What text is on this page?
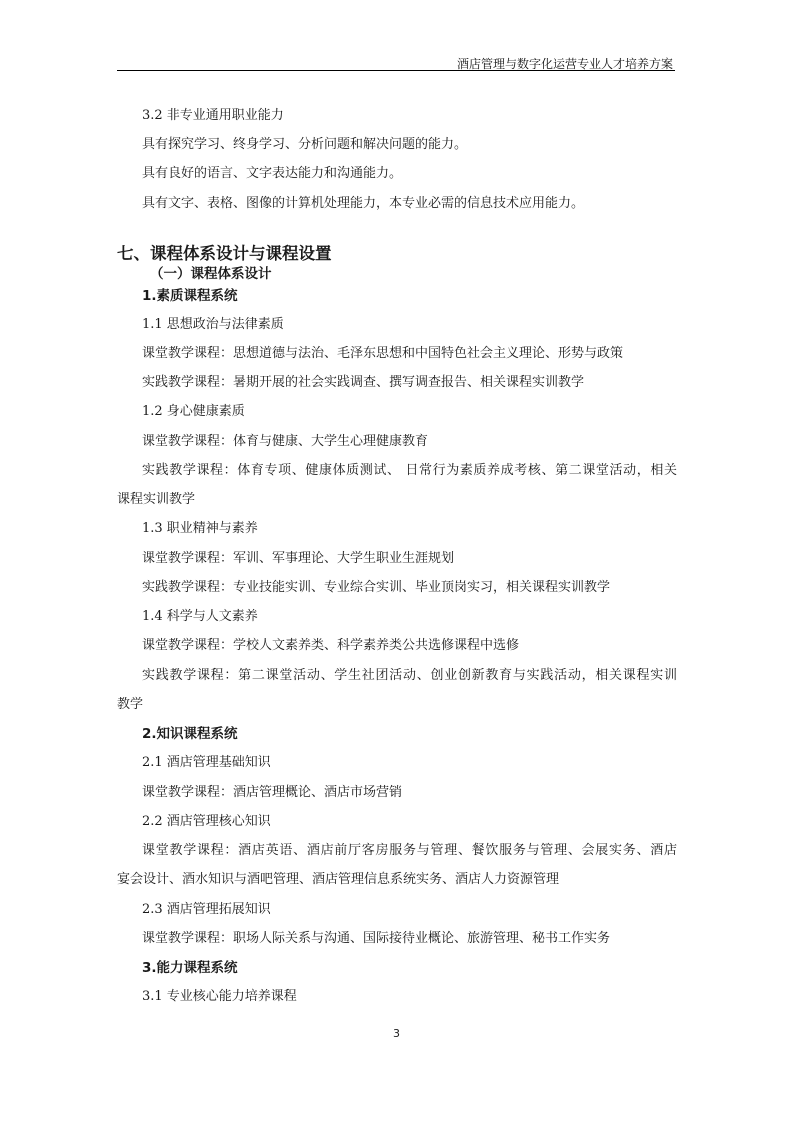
酒店管理与数字化运营专业人才培养方案
3.2 非专业通用职业能力
具有探究学习、终身学习、分析问题和解决问题的能力。
具有良好的语言、文字表达能力和沟通能力。
具有文字、表格、图像的计算机处理能力，本专业必需的信息技术应用能力。
七、课程体系设计与课程设置
（一）课程体系设计
1.素质课程系统
1.1 思想政治与法律素质
课堂教学课程：思想道德与法治、毛泽东思想和中国特色社会主义理论、形势与政策
实践教学课程：暑期开展的社会实践调查、撰写调查报告、相关课程实训教学
1.2 身心健康素质
课堂教学课程：体育与健康、大学生心理健康教育
实践教学课程：体育专项、健康体质测试、 日常行为素质养成考核、第二课堂活动，相关
课程实训教学
1.3 职业精神与素养
课堂教学课程：军训、军事理论、大学生职业生涯规划
实践教学课程：专业技能实训、专业综合实训、毕业顶岗实习，相关课程实训教学
1.4 科学与人文素养
课堂教学课程：学校人文素养类、科学素养类公共选修课程中选修
实践教学课程：第二课堂活动、学生社团活动、创业创新教育与实践活动，相关课程实训
教学
2.知识课程系统
2.1 酒店管理基础知识
课堂教学课程：酒店管理概论、酒店市场营销
2.2 酒店管理核心知识
课堂教学课程：酒店英语、酒店前厅客房服务与管理、餐饮服务与管理、会展实务、酒店
宴会设计、酒水知识与酒吧管理、酒店管理信息系统实务、酒店人力资源管理
2.3 酒店管理拓展知识
课堂教学课程：职场人际关系与沟通、国际接待业概论、旅游管理、秘书工作实务
3.能力课程系统
3.1 专业核心能力培养课程
3
